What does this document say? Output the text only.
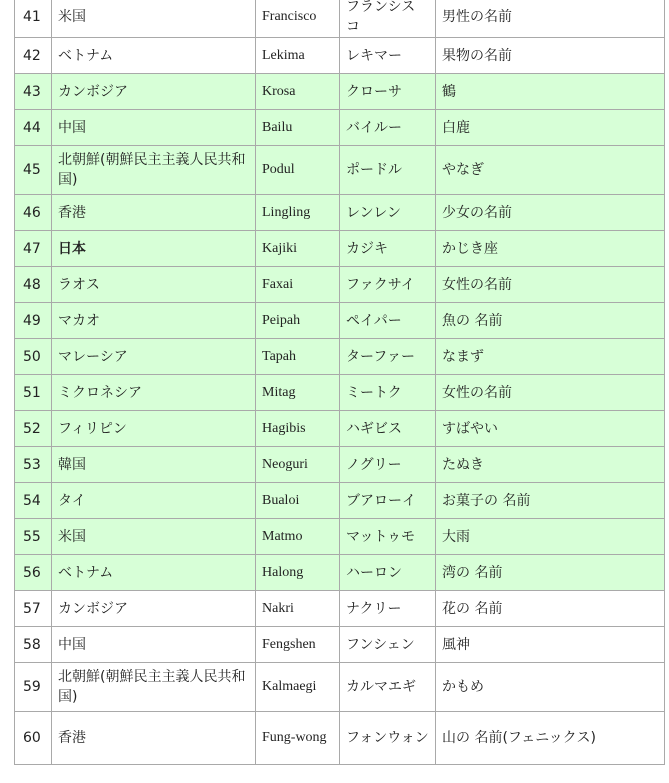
41	米国	Francisco	フランシスコ	男性の名前
42	ベトナム	Lekima	レキマー	果物の名前
43	カンボジア	Krosa	クローサ	鶴
44	中国	Bailu	バイルー	白鹿
45	北朝鮮(朝鮮民主主義人民共和国)	Podul	ポードル	やなぎ
46	香港	Lingling	レンレン	少女の名前
47	日本	Kajiki	カジキ	かじき座
48	ラオス	Faxai	ファクサイ	女性の名前
49	マカオ	Peipah	ペイパー	魚の 名前
50	マレーシア	Tapah	ターファー	なまず
51	ミクロネシア	Mitag	ミートク	女性の名前
52	フィリピン	Hagibis	ハギビス	すばやい
53	韓国	Neoguri	ノグリー	たぬき
54	タイ	Bualoi	ブアローイ	お菓子の 名前
55	米国	Matmo	マットゥモ	大雨
56	ベトナム	Halong	ハーロン	湾の 名前
57	カンボジア	Nakri	ナクリー	花の 名前
58	中国	Fengshen	フンシェン	風神
59	北朝鮮(朝鮮民主主義人民共和国)	Kalmaegi	カルマエギ	かもめ
60	香港	Fung-wong	フォンウォン	山の 名前(フェニックス)
